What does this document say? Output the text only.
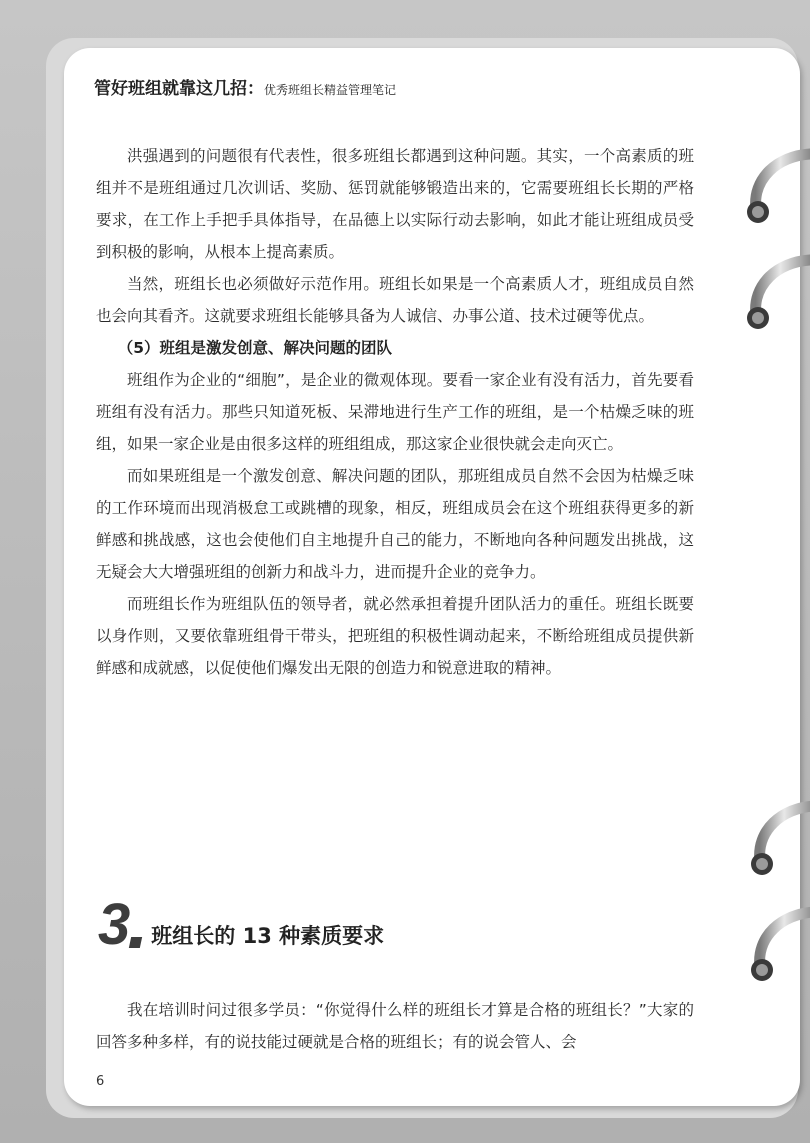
管好班组就靠这几招：优秀班组长精益管理笔记

洪强遇到的问题很有代表性，很多班组长都遇到这种问题。其实，一个高素质的班组并不是班组通过几次训话、奖励、惩罚就能够锻造出来的，它需要班组长长期的严格要求，在工作上手把手具体指导，在品德上以实际行动去影响，如此才能让班组成员受到积极的影响，从根本上提高素质。

当然，班组长也必须做好示范作用。班组长如果是一个高素质人才，班组成员自然也会向其看齐。这就要求班组长能够具备为人诚信、办事公道、技术过硬等优点。

（5）班组是激发创意、解决问题的团队

班组作为企业的“细胞”，是企业的微观体现。要看一家企业有没有活力，首先要看班组有没有活力。那些只知道死板、呆滞地进行生产工作的班组，是一个枯燥乏味的班组，如果一家企业是由很多这样的班组组成，那这家企业很快就会走向灭亡。

而如果班组是一个激发创意、解决问题的团队，那班组成员自然不会因为枯燥乏味的工作环境而出现消极怠工或跳槽的现象，相反，班组成员会在这个班组获得更多的新鲜感和挑战感，这也会使他们自主地提升自己的能力，不断地向各种问题发出挑战，这无疑会大大增强班组的创新力和战斗力，进而提升企业的竞争力。

而班组长作为班组队伍的领导者，就必然承担着提升团队活力的重任。班组长既要以身作则，又要依靠班组骨干带头，把班组的积极性调动起来，不断给班组成员提供新鲜感和成就感，以促使他们爆发出无限的创造力和锐意进取的精神。

3 班组长的 13 种素质要求

我在培训时问过很多学员：“你觉得什么样的班组长才算是合格的班组长？”大家的回答多种多样，有的说技能过硬就是合格的班组长；有的说会管人、会

6
